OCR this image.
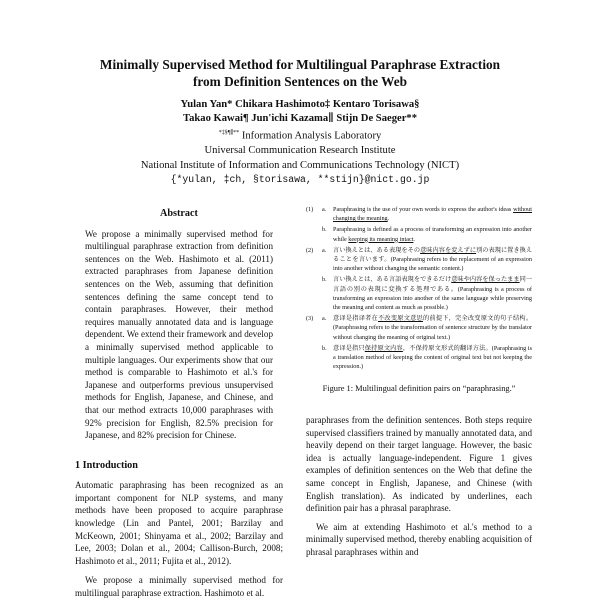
Minimally Supervised Method for Multilingual Paraphrase Extraction
from Definition Sentences on the Web
Yulan Yan* Chikara Hashimoto‡ Kentaro Torisawa§
Takao Kawai¶ Jun'ichi Kazama∥ Stijn De Saeger**
*‡§¶∥** Information Analysis Laboratory
Universal Communication Research Institute
National Institute of Information and Communications Technology (NICT)
{*yulan, ‡ch, §torisawa, **stijn}@nict.go.jp
Abstract
We propose a minimally supervised method for multilingual paraphrase extraction from definition sentences on the Web. Hashimoto et al. (2011) extracted paraphrases from Japanese definition sentences on the Web, assuming that definition sentences defining the same concept tend to contain paraphrases. However, their method requires manually annotated data and is language dependent. We extend their framework and develop a minimally supervised method applicable to multiple languages. Our experiments show that our method is comparable to Hashimoto et al.'s for Japanese and outperforms previous unsupervised methods for English, Japanese, and Chinese, and that our method extracts 10,000 paraphrases with 92% precision for English, 82.5% precision for Japanese, and 82% precision for Chinese.
1 Introduction
Automatic paraphrasing has been recognized as an important component for NLP systems, and many methods have been proposed to acquire paraphrase knowledge (Lin and Pantel, 2001; Barzilay and McKeown, 2001; Shinyama et al., 2002; Barzilay and Lee, 2003; Dolan et al., 2004; Callison-Burch, 2008; Hashimoto et al., 2011; Fujita et al., 2012).
We propose a minimally supervised method for multilingual paraphrase extraction. Hashimoto et al.
(1)	a.	Paraphrasing is the use of your own words to express the author's ideas without changing the meaning.
b.	Paraphrasing is defined as a process of transforming an expression into another while keeping its meaning intact.
(2)	a.	言い換えとは、ある表現をその意味内容を変えずに別の表現に置き換えることを言います。(Paraphrasing refers to the replacement of an expression into another without changing the semantic content.)
b.	言い換えとは、ある言語表現をできるだけ意味や内容を保ったまま同一言語の別の表現に変換する処理である。(Paraphrasing is a process of transforming an expression into another of the same language while preserving the meaning and content as much as possible.)
(3)	a.	意译是指译者在不改变原文意思的前提下，完全改变原文的句子结构。(Paraphrasing refers to the transformation of sentence structure by the translator without changing the meaning of original text.)
b.	意译是指只保持原文内容，不保持原文形式的翻译方法。(Paraphrasing is a translation method of keeping the content of original text but not keeping the expression.)
Figure 1: Multilingual definition pairs on “paraphrasing.”
paraphrases from the definition sentences. Both steps require supervised classifiers trained by manually annotated data, and heavily depend on their target language. However, the basic idea is actually language-independent. Figure 1 gives examples of definition sentences on the Web that define the same concept in English, Japanese, and Chinese (with English translation). As indicated by underlines, each definition pair has a phrasal paraphrase.
We aim at extending Hashimoto et al.'s method to a minimally supervised method, thereby enabling acquisition of phrasal paraphrases within and
